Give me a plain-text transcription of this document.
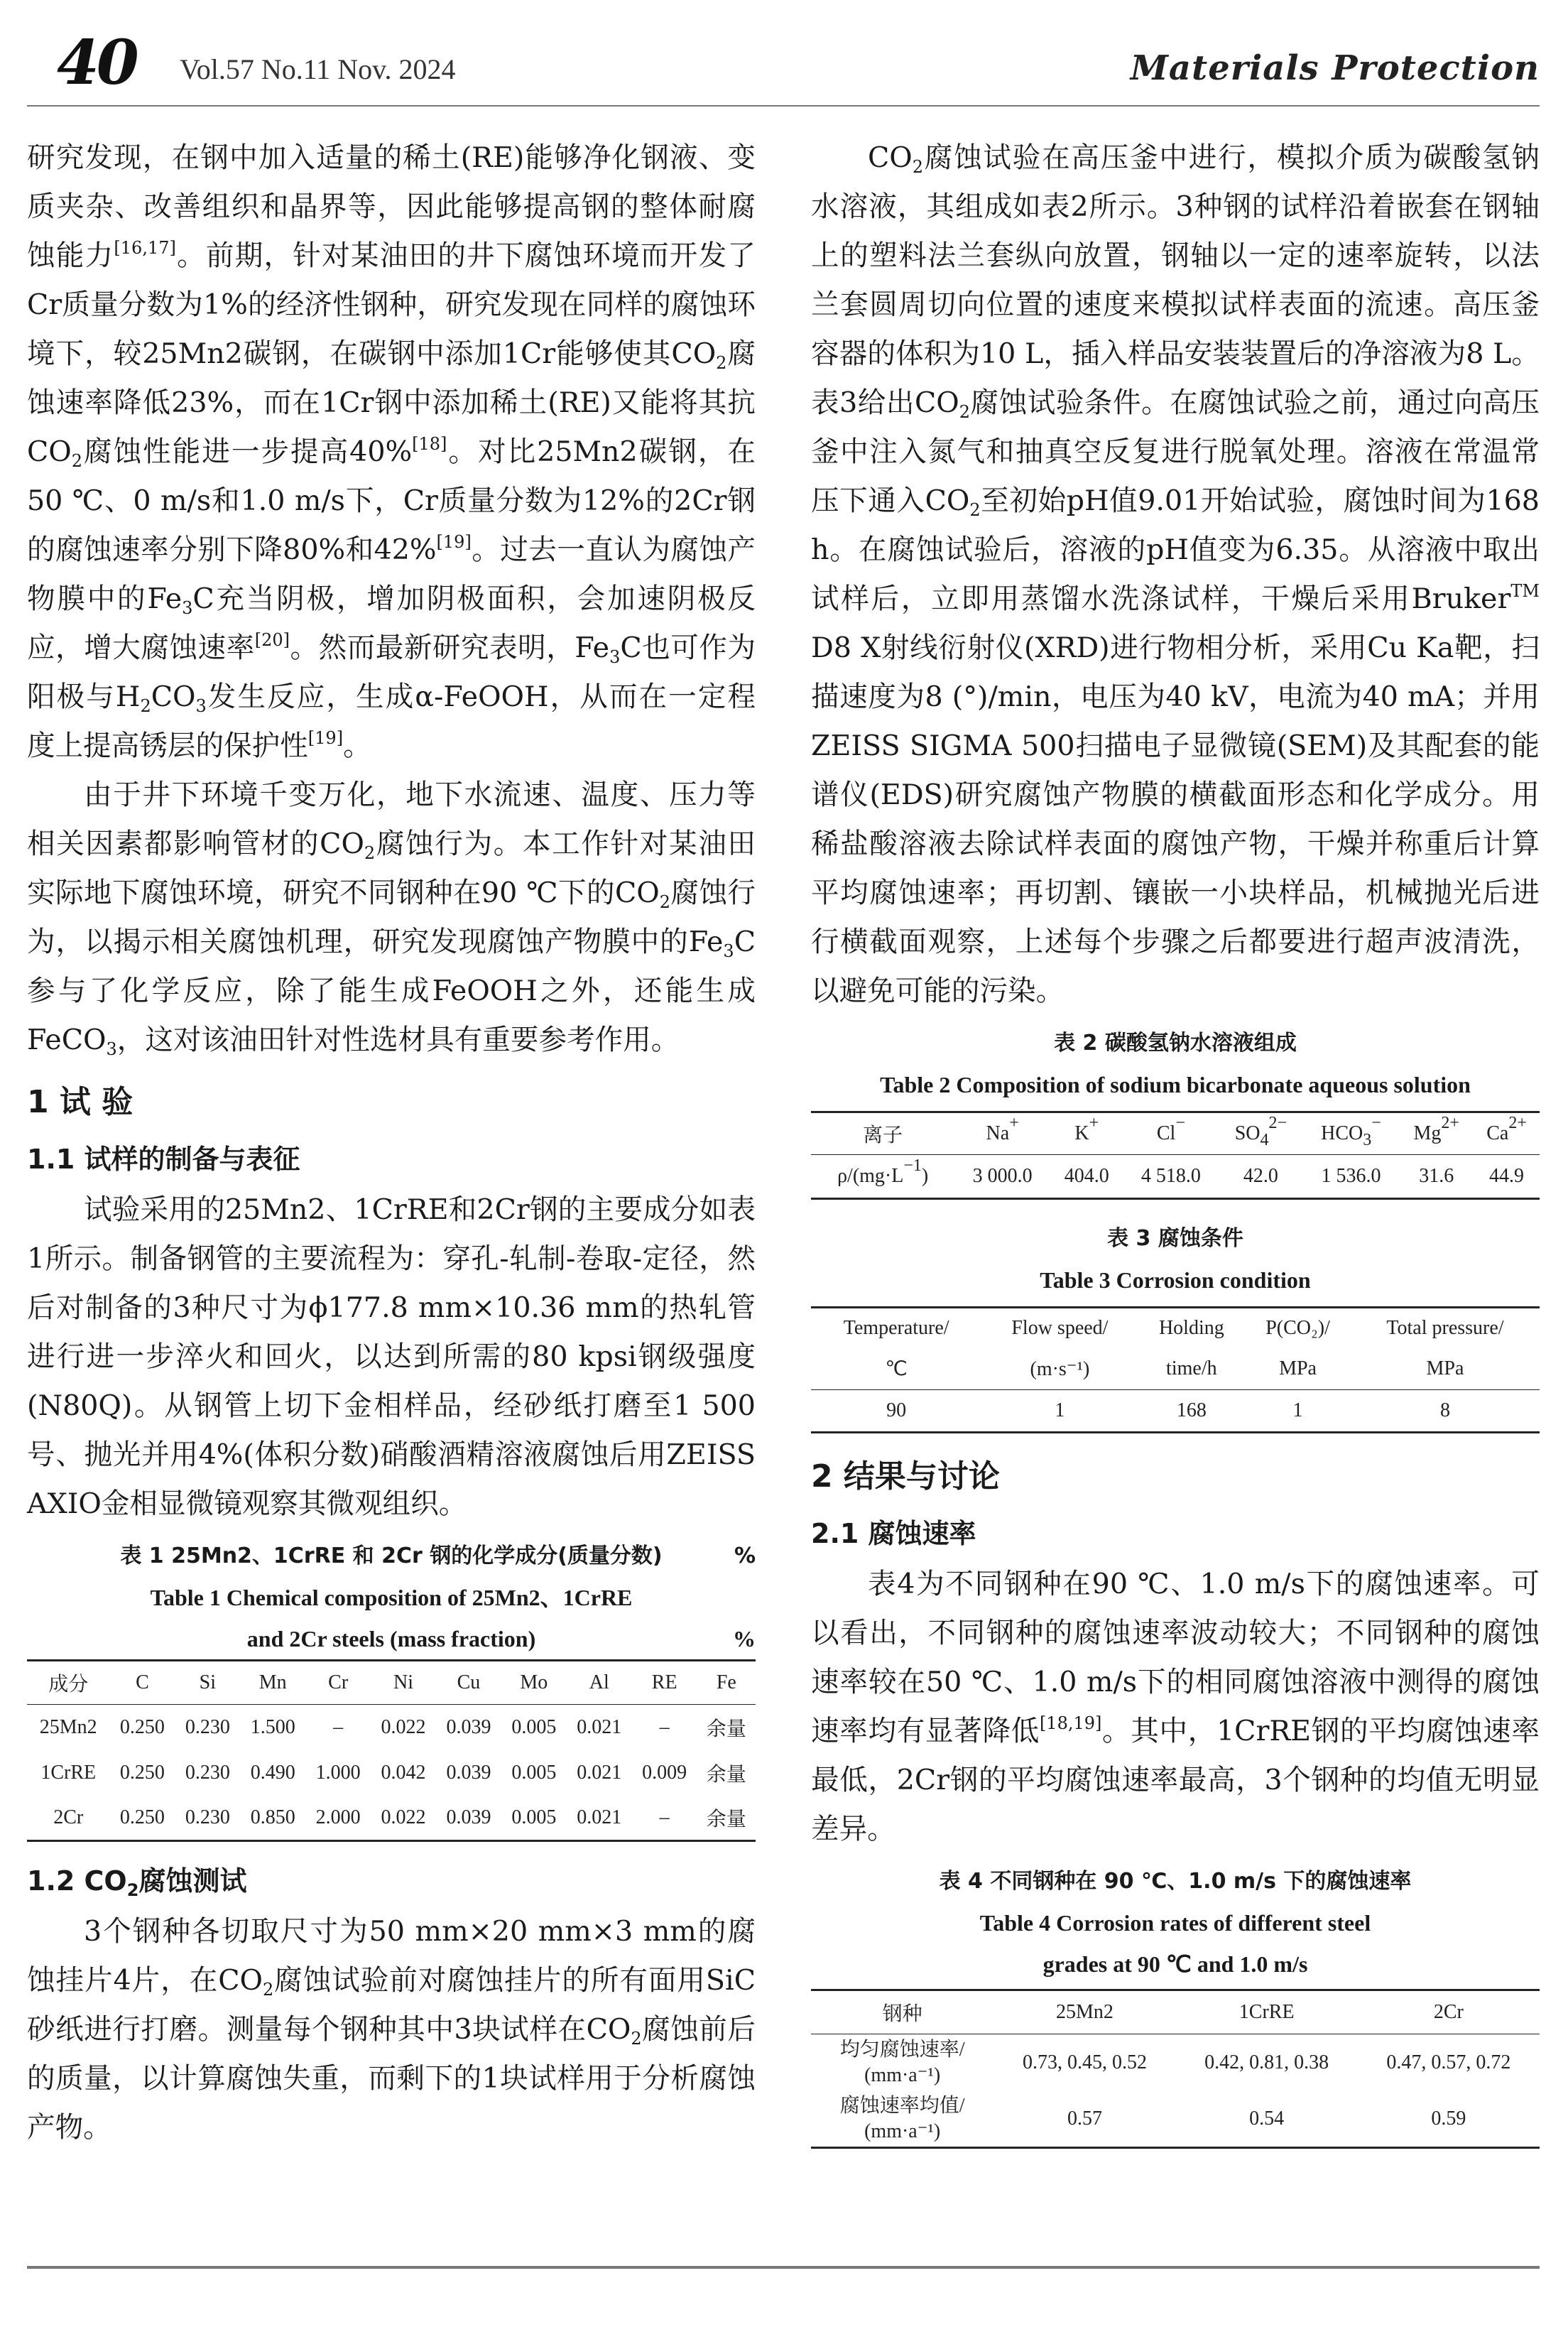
40 Vol.57 No.11 Nov. 2024	Materials Protection

研究发现，在钢中加入适量的稀土(RE)能够净化钢液、变质夹杂、改善组织和晶界等，因此能够提高钢的整体耐腐蚀能力[16,17]。前期，针对某油田的井下腐蚀环境而开发了Cr质量分数为1%的经济性钢种，研究发现在同样的腐蚀环境下，较25Mn2碳钢，在碳钢中添加1Cr能够使其$CO_2$腐蚀速率降低23%，而在1Cr钢中添加稀土(RE)又能将其抗$CO_2$腐蚀性能进一步提高40%[18]。对比25Mn2碳钢，在50 ℃、0 m/s和1.0 m/s下，Cr质量分数为12%的2Cr钢的腐蚀速率分别下降80%和42%[19]。过去一直认为腐蚀产物膜中的$Fe_3C$充当阴极，增加阴极面积，会加速阴极反应，增大腐蚀速率[20]。然而最新研究表明，$Fe_3C$也可作为阳极与$H_2CO_3$发生反应，生成α-FeOOH，从而在一定程度上提高锈层的保护性[19]。

由于井下环境千变万化，地下水流速、温度、压力等相关因素都影响管材的$CO_2$腐蚀行为。本工作针对某油田实际地下腐蚀环境，研究不同钢种在90 ℃下的$CO_2$腐蚀行为，以揭示相关腐蚀机理，研究发现腐蚀产物膜中的$Fe_3C$参与了化学反应，除了能生成FeOOH之外，还能生成FeCO$_3$，这对该油田针对性选材具有重要参考作用。

1 试 验
1.1 试样的制备与表征

试验采用的25Mn2、1CrRE和2Cr钢的主要成分如表1所示。制备钢管的主要流程为：穿孔-轧制-卷取-定径，然后对制备的3种尺寸为ϕ177.8 mm×10.36 mm的热轧管进行进一步淬火和回火，以达到所需的80 kpsi钢级强度(N80Q)。从钢管上切下金相样品，经砂纸打磨至1 500号、抛光并用4%(体积分数)硝酸酒精溶液腐蚀后用ZEISS AXIO金相显微镜观察其微观组织。

表 1 25Mn2、1CrRE 和 2Cr 钢的化学成分(质量分数)	%
Table 1 Chemical composition of 25Mn2、1CrRE
and 2Cr steels (mass fraction)	%
成分	C	Si	Mn	Cr	Ni	Cu	Mo	Al	RE	Fe
25Mn2	0.250	0.230	1.500	–	0.022	0.039	0.005	0.021	–	余量
1CrRE	0.250	0.230	0.490	1.000	0.042	0.039	0.005	0.021	0.009	余量
2Cr	0.250	0.230	0.850	2.000	0.022	0.039	0.005	0.021	–	余量
1.2 $CO_2$腐蚀测试

3个钢种各切取尺寸为50 mm×20 mm×3 mm的腐蚀挂片4片，在$CO_2$腐蚀试验前对腐蚀挂片的所有面用SiC砂纸进行打磨。测量每个钢种其中3块试样在$CO_2$腐蚀前后的质量，以计算腐蚀失重，而剩下的1块试样用于分析腐蚀产物。

$CO_2$腐蚀试验在高压釜中进行，模拟介质为碳酸氢钠水溶液，其组成如表2所示。3种钢的试样沿着嵌套在钢轴上的塑料法兰套纵向放置，钢轴以一定的速率旋转，以法兰套圆周切向位置的速度来模拟试样表面的流速。高压釜容器的体积为10 L，插入样品安装装置后的净溶液为8 L。表3给出$CO_2$腐蚀试验条件。在腐蚀试验之前，通过向高压釜中注入氮气和抽真空反复进行脱氧处理。溶液在常温常压下通入$CO_2$至初始pH值9.01开始试验，腐蚀时间为168 h。在腐蚀试验后，溶液的pH值变为6.35。从溶液中取出试样后，立即用蒸馏水洗涤试样，干燥后采用Bruker™ D8 X射线衍射仪(XRD)进行物相分析，采用Cu Ka靶，扫描速度为8 (°)/min，电压为40 kV，电流为40 mA；并用ZEISS SIGMA 500扫描电子显微镜(SEM)及其配套的能谱仪(EDS)研究腐蚀产物膜的横截面形态和化学成分。用稀盐酸溶液去除试样表面的腐蚀产物，干燥并称重后计算平均腐蚀速率；再切割、镶嵌一小块样品，机械抛光后进行横截面观察，上述每个步骤之后都要进行超声波清洗，以避免可能的污染。

表 2 碳酸氢钠水溶液组成
Table 2 Composition of sodium bicarbonate aqueous solution
离子	Na+	K+	Cl−	$SO_4^{2-}$	$HCO_3^-$	$Mg^{2+}$	$Ca^{2+}$
$\rho/(mg\cdot L^{-1})$	3 000.0	404.0	4 518.0	42.0	1 536.0	31.6	44.9
表 3 腐蚀条件
Table 3 Corrosion condition
Temperature/	Flow speed/	Holding	P(CO₂)/	Total pressure/
℃	(m·s⁻¹)	time/h	MPa	MPa
90	1	168	1	8
2 结果与讨论
2.1 腐蚀速率

表4为不同钢种在90 ℃、1.0 m/s下的腐蚀速率。可以看出，不同钢种的腐蚀速率波动较大；不同钢种的腐蚀速率较在50 ℃、1.0 m/s下的相同腐蚀溶液中测得的腐蚀速率均有显著降低[18,19]。其中，1CrRE钢的平均腐蚀速率最低，2Cr钢的平均腐蚀速率最高，3个钢种的均值无明显差异。

表 4 不同钢种在 90 ℃、1.0 m/s 下的腐蚀速率
Table 4 Corrosion rates of different steel
grades at 90 ℃ and 1.0 m/s
钢种	25Mn2	1CrRE	2Cr
均匀腐蚀速率/
(mm·a⁻¹)	0.73, 0.45, 0.52	0.42, 0.81, 0.38	0.47, 0.57, 0.72
腐蚀速率均值/
(mm·a⁻¹)	0.57	0.54	0.59
